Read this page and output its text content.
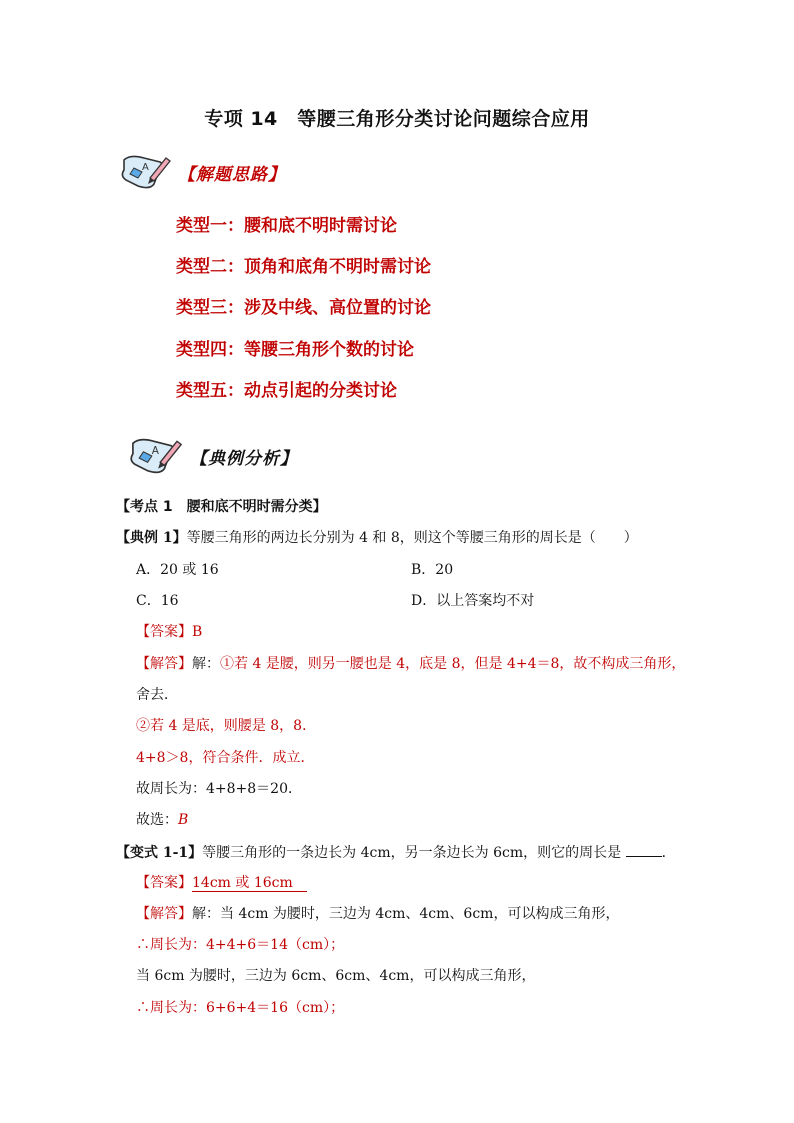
专项 14　等腰三角形分类讨论问题综合应用
A 【解题思路】
类型一：腰和底不明时需讨论
类型二：顶角和底角不明时需讨论
类型三：涉及中线、高位置的讨论
类型四：等腰三角形个数的讨论
类型五：动点引起的分类讨论
A 【典例分析】
【考点 1　腰和底不明时需分类】
【典例 1】等腰三角形的两边长分别为 4 和 8，则这个等腰三角形的周长是（　　）
A．20 或 16	B．20
C．16	D．以上答案均不对
【答案】B
【解答】解：①若 4 是腰，则另一腰也是 4，底是 8，但是 4+4＝8，故不构成三角形，
舍去．
②若 4 是底，则腰是 8，8．
4+8＞8，符合条件．成立．
故周长为：4+8+8＝20．
故选：B
【变式 1-1】等腰三角形的一条边长为 4cm，另一条边长为 6cm，则它的周长是	．
【答案】14cm 或 16cm
【解答】解：当 4cm 为腰时，三边为 4cm、4cm、6cm，可以构成三角形，
∴周长为：4+4+6＝14（cm）；
当 6cm 为腰时，三边为 6cm、6cm、4cm，可以构成三角形，
∴周长为：6+6+4＝16（cm）；
